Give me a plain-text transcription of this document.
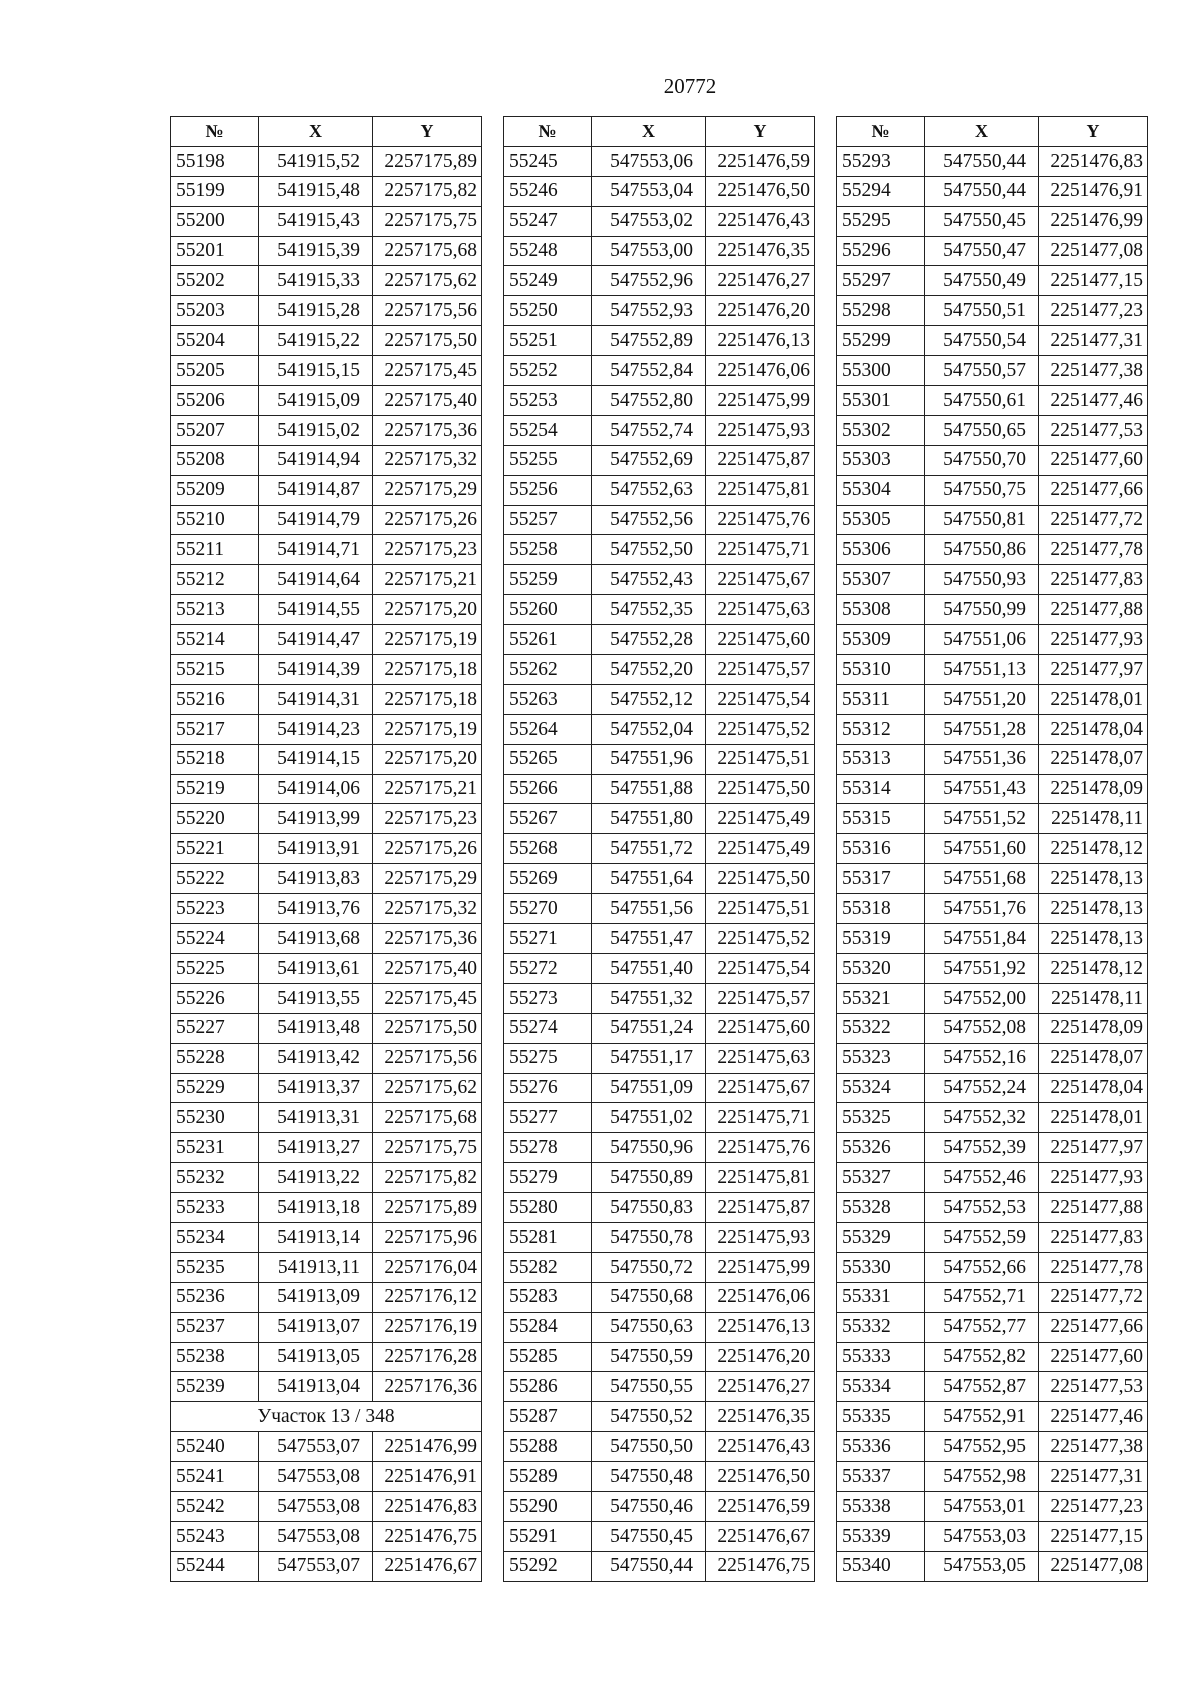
20772
№	X	Y
55198	541915,52	2257175,89
55199	541915,48	2257175,82
55200	541915,43	2257175,75
55201	541915,39	2257175,68
55202	541915,33	2257175,62
55203	541915,28	2257175,56
55204	541915,22	2257175,50
55205	541915,15	2257175,45
55206	541915,09	2257175,40
55207	541915,02	2257175,36
55208	541914,94	2257175,32
55209	541914,87	2257175,29
55210	541914,79	2257175,26
55211	541914,71	2257175,23
55212	541914,64	2257175,21
55213	541914,55	2257175,20
55214	541914,47	2257175,19
55215	541914,39	2257175,18
55216	541914,31	2257175,18
55217	541914,23	2257175,19
55218	541914,15	2257175,20
55219	541914,06	2257175,21
55220	541913,99	2257175,23
55221	541913,91	2257175,26
55222	541913,83	2257175,29
55223	541913,76	2257175,32
55224	541913,68	2257175,36
55225	541913,61	2257175,40
55226	541913,55	2257175,45
55227	541913,48	2257175,50
55228	541913,42	2257175,56
55229	541913,37	2257175,62
55230	541913,31	2257175,68
55231	541913,27	2257175,75
55232	541913,22	2257175,82
55233	541913,18	2257175,89
55234	541913,14	2257175,96
55235	541913,11	2257176,04
55236	541913,09	2257176,12
55237	541913,07	2257176,19
55238	541913,05	2257176,28
55239	541913,04	2257176,36
Участок 13 / 348		
55240	547553,07	2251476,99
55241	547553,08	2251476,91
55242	547553,08	2251476,83
55243	547553,08	2251476,75
55244	547553,07	2251476,67
№	X	Y
55245	547553,06	2251476,59
55246	547553,04	2251476,50
55247	547553,02	2251476,43
55248	547553,00	2251476,35
55249	547552,96	2251476,27
55250	547552,93	2251476,20
55251	547552,89	2251476,13
55252	547552,84	2251476,06
55253	547552,80	2251475,99
55254	547552,74	2251475,93
55255	547552,69	2251475,87
55256	547552,63	2251475,81
55257	547552,56	2251475,76
55258	547552,50	2251475,71
55259	547552,43	2251475,67
55260	547552,35	2251475,63
55261	547552,28	2251475,60
55262	547552,20	2251475,57
55263	547552,12	2251475,54
55264	547552,04	2251475,52
55265	547551,96	2251475,51
55266	547551,88	2251475,50
55267	547551,80	2251475,49
55268	547551,72	2251475,49
55269	547551,64	2251475,50
55270	547551,56	2251475,51
55271	547551,47	2251475,52
55272	547551,40	2251475,54
55273	547551,32	2251475,57
55274	547551,24	2251475,60
55275	547551,17	2251475,63
55276	547551,09	2251475,67
55277	547551,02	2251475,71
55278	547550,96	2251475,76
55279	547550,89	2251475,81
55280	547550,83	2251475,87
55281	547550,78	2251475,93
55282	547550,72	2251475,99
55283	547550,68	2251476,06
55284	547550,63	2251476,13
55285	547550,59	2251476,20
55286	547550,55	2251476,27
55287	547550,52	2251476,35
55288	547550,50	2251476,43
55289	547550,48	2251476,50
55290	547550,46	2251476,59
55291	547550,45	2251476,67
55292	547550,44	2251476,75
№	X	Y
55293	547550,44	2251476,83
55294	547550,44	2251476,91
55295	547550,45	2251476,99
55296	547550,47	2251477,08
55297	547550,49	2251477,15
55298	547550,51	2251477,23
55299	547550,54	2251477,31
55300	547550,57	2251477,38
55301	547550,61	2251477,46
55302	547550,65	2251477,53
55303	547550,70	2251477,60
55304	547550,75	2251477,66
55305	547550,81	2251477,72
55306	547550,86	2251477,78
55307	547550,93	2251477,83
55308	547550,99	2251477,88
55309	547551,06	2251477,93
55310	547551,13	2251477,97
55311	547551,20	2251478,01
55312	547551,28	2251478,04
55313	547551,36	2251478,07
55314	547551,43	2251478,09
55315	547551,52	2251478,11
55316	547551,60	2251478,12
55317	547551,68	2251478,13
55318	547551,76	2251478,13
55319	547551,84	2251478,13
55320	547551,92	2251478,12
55321	547552,00	2251478,11
55322	547552,08	2251478,09
55323	547552,16	2251478,07
55324	547552,24	2251478,04
55325	547552,32	2251478,01
55326	547552,39	2251477,97
55327	547552,46	2251477,93
55328	547552,53	2251477,88
55329	547552,59	2251477,83
55330	547552,66	2251477,78
55331	547552,71	2251477,72
55332	547552,77	2251477,66
55333	547552,82	2251477,60
55334	547552,87	2251477,53
55335	547552,91	2251477,46
55336	547552,95	2251477,38
55337	547552,98	2251477,31
55338	547553,01	2251477,23
55339	547553,03	2251477,15
55340	547553,05	2251477,08
